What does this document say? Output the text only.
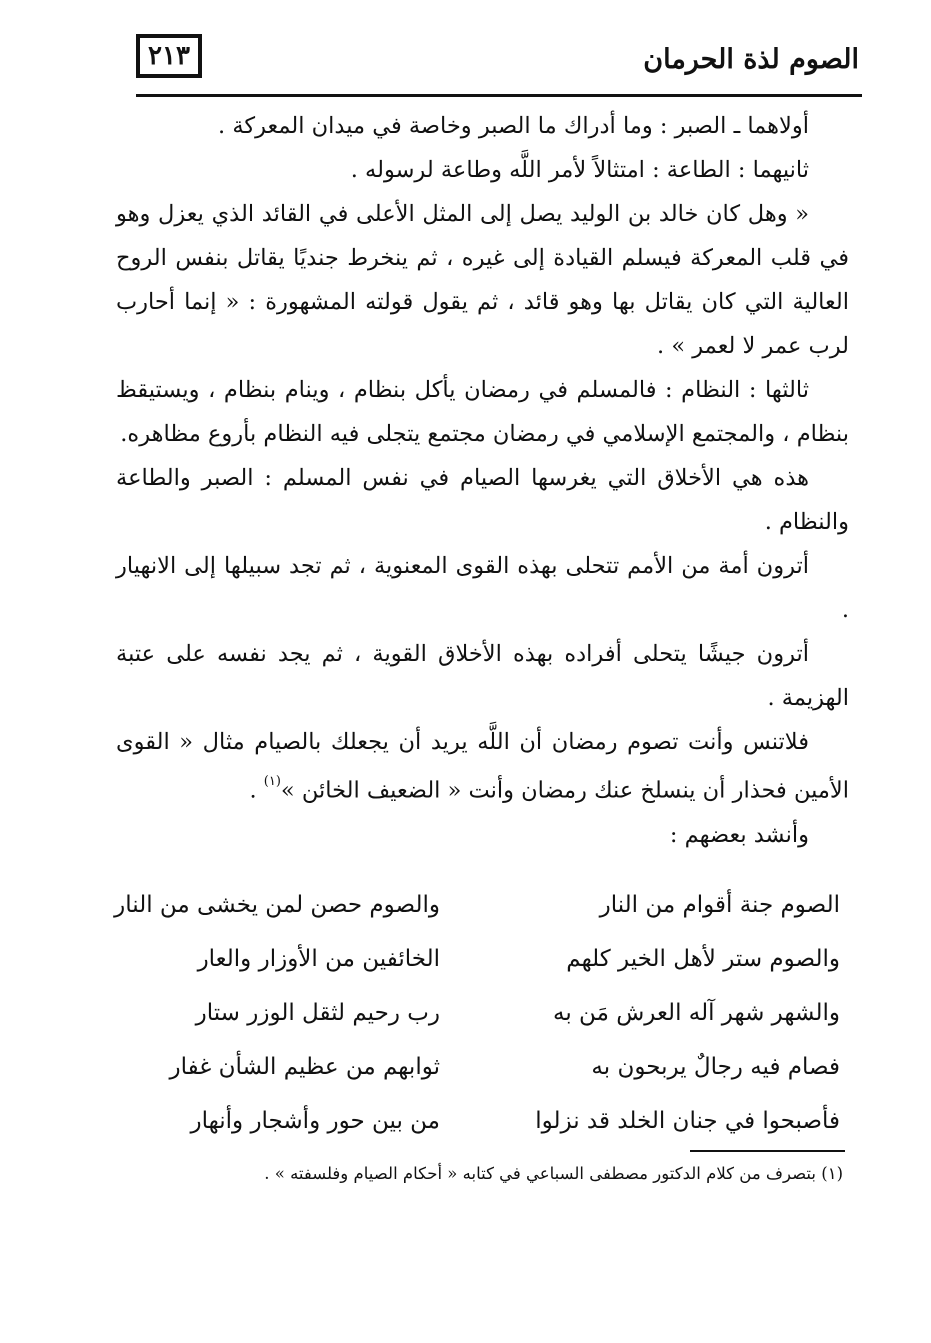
الصوم لذة الحرمان
٢١٣

أولاهما ـ الصبر : وما أدراك ما الصبر وخاصة في ميدان المعركة .

ثانيهما : الطاعة : امتثالاً لأمر اللَّه وطاعة لرسوله .

« وهل كان خالد بن الوليد يصل إلى المثل الأعلى في القائد الذي يعزل وهو في قلب المعركة فيسلم القيادة إلى غيره ، ثم ينخرط جنديًا يقاتل بنفس الروح العالية التي كان يقاتل بها وهو قائد ، ثم يقول قولته المشهورة : « إنما أحارب لرب عمر لا لعمر » .

ثالثها : النظام : فالمسلم في رمضان يأكل بنظام ، وينام بنظام ، ويستيقظ بنظام ، والمجتمع الإسلامي في رمضان مجتمع يتجلى فيه النظام بأروع مظاهره.

هذه هي الأخلاق التي يغرسها الصيام في نفس المسلم : الصبر والطاعة والنظام .

أترون أمة من الأمم تتحلى بهذه القوى المعنوية ، ثم تجد سبيلها إلى الانهيار .

أترون جيشًا يتحلى أفراده بهذه الأخلاق القوية ، ثم يجد نفسه على عتبة الهزيمة .

فلاتنس وأنت تصوم رمضان أن اللَّه يريد أن يجعلك بالصيام مثال « القوى الأمين فحذار أن ينسلخ عنك رمضان وأنت « الضعيف الخائن »$^{(١)}$ .

وأنشد بعضهم :

الصوم جنة أقوام من النار
والصوم حصن لمن يخشى من النار
والصوم ستر لأهل الخير كلهم
الخائفين من الأوزار والعار
والشهر شهر آله العرش مَن به
رب رحيم لثقل الوزر ستار
فصام فيه رجالٌ يربحون به
ثوابهم من عظيم الشأن غفار
فأصبحوا في جنان الخلد قد نزلوا
من بين حور وأشجار وأنهار
(١) بتصرف من كلام الدكتور مصطفى السباعي في كتابه « أحكام الصيام وفلسفته » .
